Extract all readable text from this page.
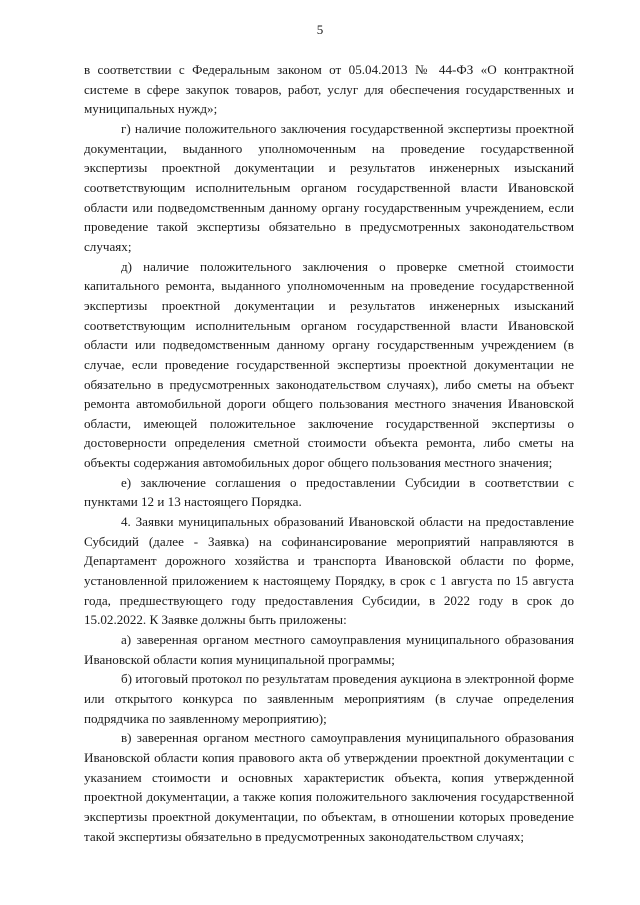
5

в соответствии с Федеральным законом от 05.04.2013 № 44-ФЗ «О контрактной системе в сфере закупок товаров, работ, услуг для обеспечения государственных и муниципальных нужд»;

г) наличие положительного заключения государственной экспертизы проектной документации, выданного уполномоченным на проведение государственной экспертизы проектной документации и результатов инженерных изысканий соответствующим исполнительным органом государственной власти Ивановской области или подведомственным данному органу государственным учреждением, если проведение такой экспертизы обязательно в предусмотренных законодательством случаях;

д) наличие положительного заключения о проверке сметной стоимости капитального ремонта, выданного уполномоченным на проведение государственной экспертизы проектной документации и результатов инженерных изысканий соответствующим исполнительным органом государственной власти Ивановской области или подведомственным данному органу государственным учреждением (в случае, если проведение государственной экспертизы проектной документации не обязательно в предусмотренных законодательством случаях), либо сметы на объект ремонта автомобильной дороги общего пользования местного значения Ивановской области, имеющей положительное заключение государственной экспертизы о достоверности определения сметной стоимости объекта ремонта, либо сметы на объекты содержания автомобильных дорог общего пользования местного значения;

е) заключение соглашения о предоставлении Субсидии в соответствии с пунктами 12 и 13 настоящего Порядка.

4. Заявки муниципальных образований Ивановской области на предоставление Субсидий (далее - Заявка) на софинансирование мероприятий направляются в Департамент дорожного хозяйства и транспорта Ивановской области по форме, установленной приложением к настоящему Порядку, в срок с 1 августа по 15 августа года, предшествующего году предоставления Субсидии, в 2022 году в срок до 15.02.2022. К Заявке должны быть приложены:

а) заверенная органом местного самоуправления муниципального образования Ивановской области копия муниципальной программы;

б) итоговый протокол по результатам проведения аукциона в электронной форме или открытого конкурса по заявленным мероприятиям (в случае определения подрядчика по заявленному мероприятию);

в) заверенная органом местного самоуправления муниципального образования Ивановской области копия правового акта об утверждении проектной документации с указанием стоимости и основных характеристик объекта, копия утвержденной проектной документации, а также копия положительного заключения государственной экспертизы проектной документации, по объектам, в отношении которых проведение такой экспертизы обязательно в предусмотренных законодательством случаях;
